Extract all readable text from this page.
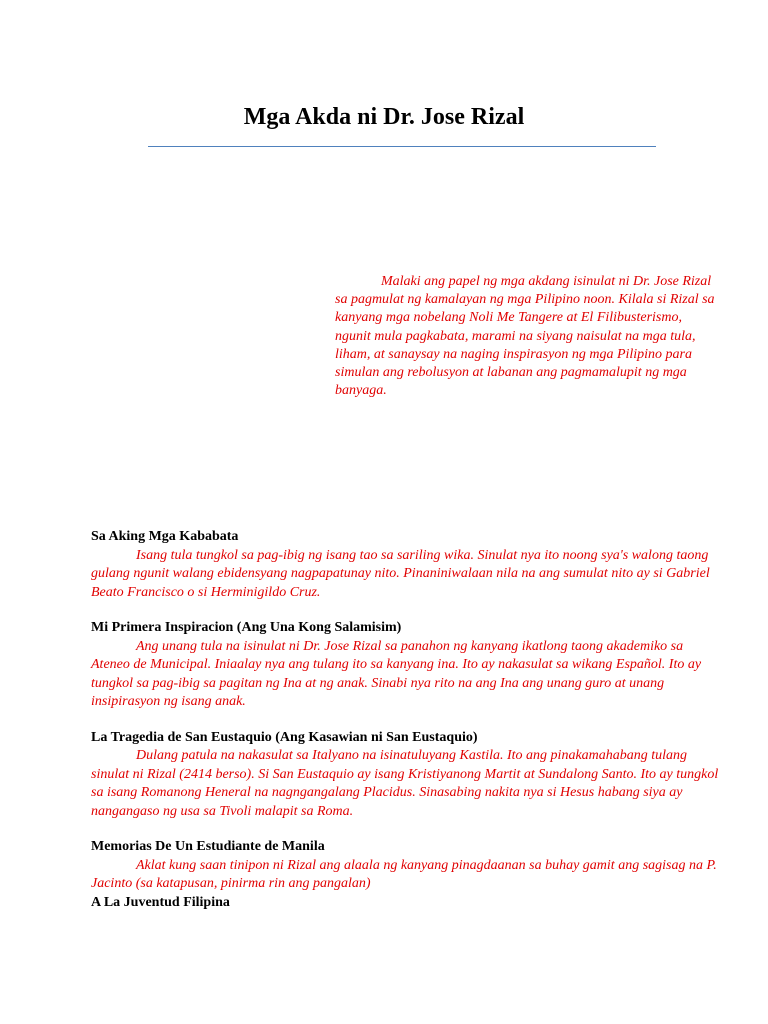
Mga Akda ni Dr. Jose Rizal

Malaki ang papel ng mga akdang isinulat ni Dr. Jose Rizal sa pagmulat ng kamalayan ng mga Pilipino noon. Kilala si Rizal sa kanyang mga nobelang Noli Me Tangere at El Filibusterismo, ngunit mula pagkabata, marami na siyang naisulat na mga tula, liham, at sanaysay na naging inspirasyon ng mga Pilipino para simulan ang rebolusyon at labanan ang pagmamalupit ng mga banyaga.

Sa Aking Mga Kababata

Isang tula tungkol sa pag-ibig ng isang tao sa sariling wika. Sinulat nya ito noong sya's walong taong gulang ngunit walang ebidensyang nagpapatunay nito. Pinaniniwalaan nila na ang sumulat nito ay si Gabriel Beato Francisco o si Herminigildo Cruz.

Mi Primera Inspiracion (Ang Una Kong Salamisim)

Ang unang tula na isinulat ni Dr. Jose Rizal sa panahon ng kanyang ikatlong taong akademiko sa Ateneo de Municipal. Iniaalay nya ang tulang ito sa kanyang ina. Ito ay nakasulat sa wikang Español. Ito ay tungkol sa pag-ibig sa pagitan ng Ina at ng anak. Sinabi nya rito na ang Ina ang unang guro at unang insipirasyon ng isang anak.

La Tragedia de San Eustaquio (Ang Kasawian ni San Eustaquio)

Dulang patula na nakasulat sa Italyano na isinatuluyang Kastila. Ito ang pinakamahabang tulang sinulat ni Rizal (2414 berso). Si San Eustaquio ay isang Kristiyanong Martit at Sundalong Santo. Ito ay tungkol sa isang Romanong Heneral na nagngangalang Placidus. Sinasabing nakita nya si Hesus habang siya ay nangangaso ng usa sa Tivoli malapit sa Roma.

Memorias De Un Estudiante de Manila

Aklat kung saan tinipon ni Rizal ang alaala ng kanyang pinagdaanan sa buhay gamit ang sagisag na P. Jacinto (sa katapusan, pinirma rin ang pangalan)

A La Juventud Filipina
